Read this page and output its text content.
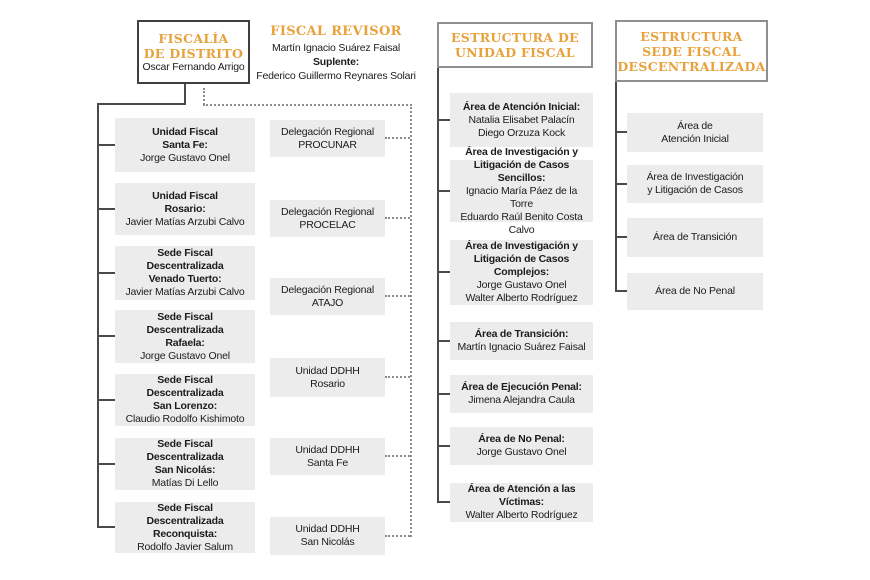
FISCALÍA
DE DISTRITO
Oscar Fernando Arrigo
FISCAL REVISOR
Martín Ignacio Suárez Faisal
Suplente:
Federico Guillermo Reynares Solari
ESTRUCTURA DE
UNIDAD FISCAL
ESTRUCTURA
SEDE FISCAL
DESCENTRALIZADA
Unidad Fiscal
Santa Fe:
Jorge Gustavo Onel
Unidad Fiscal
Rosario:
Javier Matías Arzubi Calvo
Sede Fiscal Descentralizada
Venado Tuerto:
Javier Matías Arzubi Calvo
Sede Fiscal Descentralizada
Rafaela:
Jorge Gustavo Onel
Sede Fiscal Descentralizada
San Lorenzo:
Claudio Rodolfo Kishimoto
Sede Fiscal Descentralizada
San Nicolás:
Matías Di Lello
Sede Fiscal Descentralizada
Reconquista:
Rodolfo Javier Salum
Delegación Regional
PROCUNAR
Delegación Regional
PROCELAC
Delegación Regional
ATAJO
Unidad DDHH
Rosario
Unidad DDHH
Santa Fe
Unidad DDHH
San Nicolás
Área de Atención Inicial:
Natalia Elisabet Palacín
Diego Orzuza Kock
Área de Investigación y
Litigación de Casos Sencillos:
Ignacio María Páez de la Torre
Eduardo Raúl Benito Costa Calvo
Área de Investigación y
Litigación de Casos Complejos:
Jorge Gustavo Onel
Walter Alberto Rodríguez
Área de Transición:
Martín Ignacio Suárez Faisal
Área de Ejecución Penal:
Jimena Alejandra Caula
Área de No Penal:
Jorge Gustavo Onel
Área de Atención a las Víctimas:
Walter Alberto Rodríguez
Área de
Atención Inicial
Área de Investigación
y Litigación de Casos
Área de Transición
Área de No Penal
